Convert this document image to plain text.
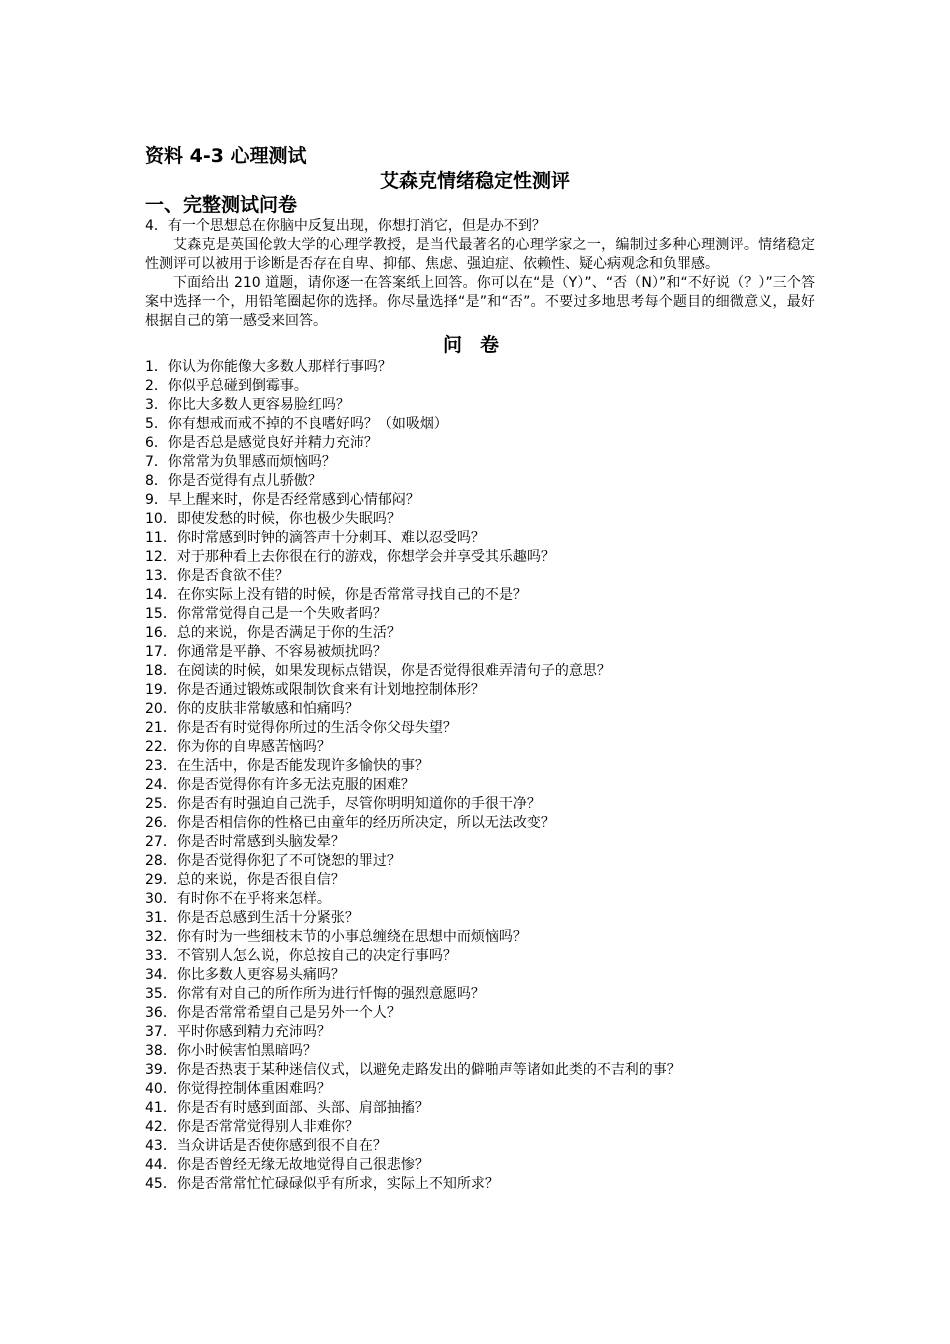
资料 4-3 心理测试
艾森克情绪稳定性测评
一、完整测试问卷
4．有一个思想总在你脑中反复出现，你想打消它，但是办不到？
艾森克是英国伦敦大学的心理学教授，是当代最著名的心理学家之一，编制过多种心理测评。情绪稳定性测评可以被用于诊断是否存在自卑、抑郁、焦虑、强迫症、依赖性、疑心病观念和负罪感。
下面给出 210 道题，请你逐一在答案纸上回答。你可以在“是（Y）”、“否（N）”和“不好说（？）”三个答案中选择一个，用铅笔圈起你的选择。你尽量选择“是”和“否”。不要过多地思考每个题目的细微意义，最好根据自己的第一感受来回答。
问卷
1．你认为你能像大多数人那样行事吗？
2．你似乎总碰到倒霉事。
3．你比大多数人更容易脸红吗？
5．你有想戒而戒不掉的不良嗜好吗？（如吸烟）
6．你是否总是感觉良好并精力充沛？
7．你常常为负罪感而烦恼吗？
8．你是否觉得有点儿骄傲？
9．早上醒来时，你是否经常感到心情郁闷？
10．即使发愁的时候，你也极少失眠吗？
11．你时常感到时钟的滴答声十分刺耳、难以忍受吗？
12．对于那种看上去你很在行的游戏，你想学会并享受其乐趣吗？
13．你是否食欲不佳？
14．在你实际上没有错的时候，你是否常常寻找自己的不是？
15．你常常觉得自己是一个失败者吗？
16．总的来说，你是否满足于你的生活？
17．你通常是平静、不容易被烦扰吗？
18．在阅读的时候，如果发现标点错误，你是否觉得很难弄清句子的意思？
19．你是否通过锻炼或限制饮食来有计划地控制体形？
20．你的皮肤非常敏感和怕痛吗？
21．你是否有时觉得你所过的生活令你父母失望？
22．你为你的自卑感苦恼吗？
23．在生活中，你是否能发现许多愉快的事？
24．你是否觉得你有许多无法克服的困难？
25．你是否有时强迫自己洗手，尽管你明明知道你的手很干净？
26．你是否相信你的性格已由童年的经历所决定，所以无法改变？
27．你是否时常感到头脑发晕？
28．你是否觉得你犯了不可饶恕的罪过？
29．总的来说，你是否很自信？
30．有时你不在乎将来怎样。
31．你是否总感到生活十分紧张？
32．你有时为一些细枝末节的小事总缠绕在思想中而烦恼吗？
33．不管别人怎么说，你总按自己的决定行事吗？
34．你比多数人更容易头痛吗？
35．你常有对自己的所作所为进行忏悔的强烈意愿吗？
36．你是否常常希望自己是另外一个人？
37．平时你感到精力充沛吗？
38．你小时候害怕黑暗吗？
39．你是否热衷于某种迷信仪式，以避免走路发出的僻啪声等诸如此类的不吉利的事？
40．你觉得控制体重困难吗？
41．你是否有时感到面部、头部、肩部抽搐？
42．你是否常常觉得别人非难你？
43．当众讲话是否使你感到很不自在？
44．你是否曾经无缘无故地觉得自己很悲惨？
45．你是否常常忙忙碌碌似乎有所求，实际上不知所求？
